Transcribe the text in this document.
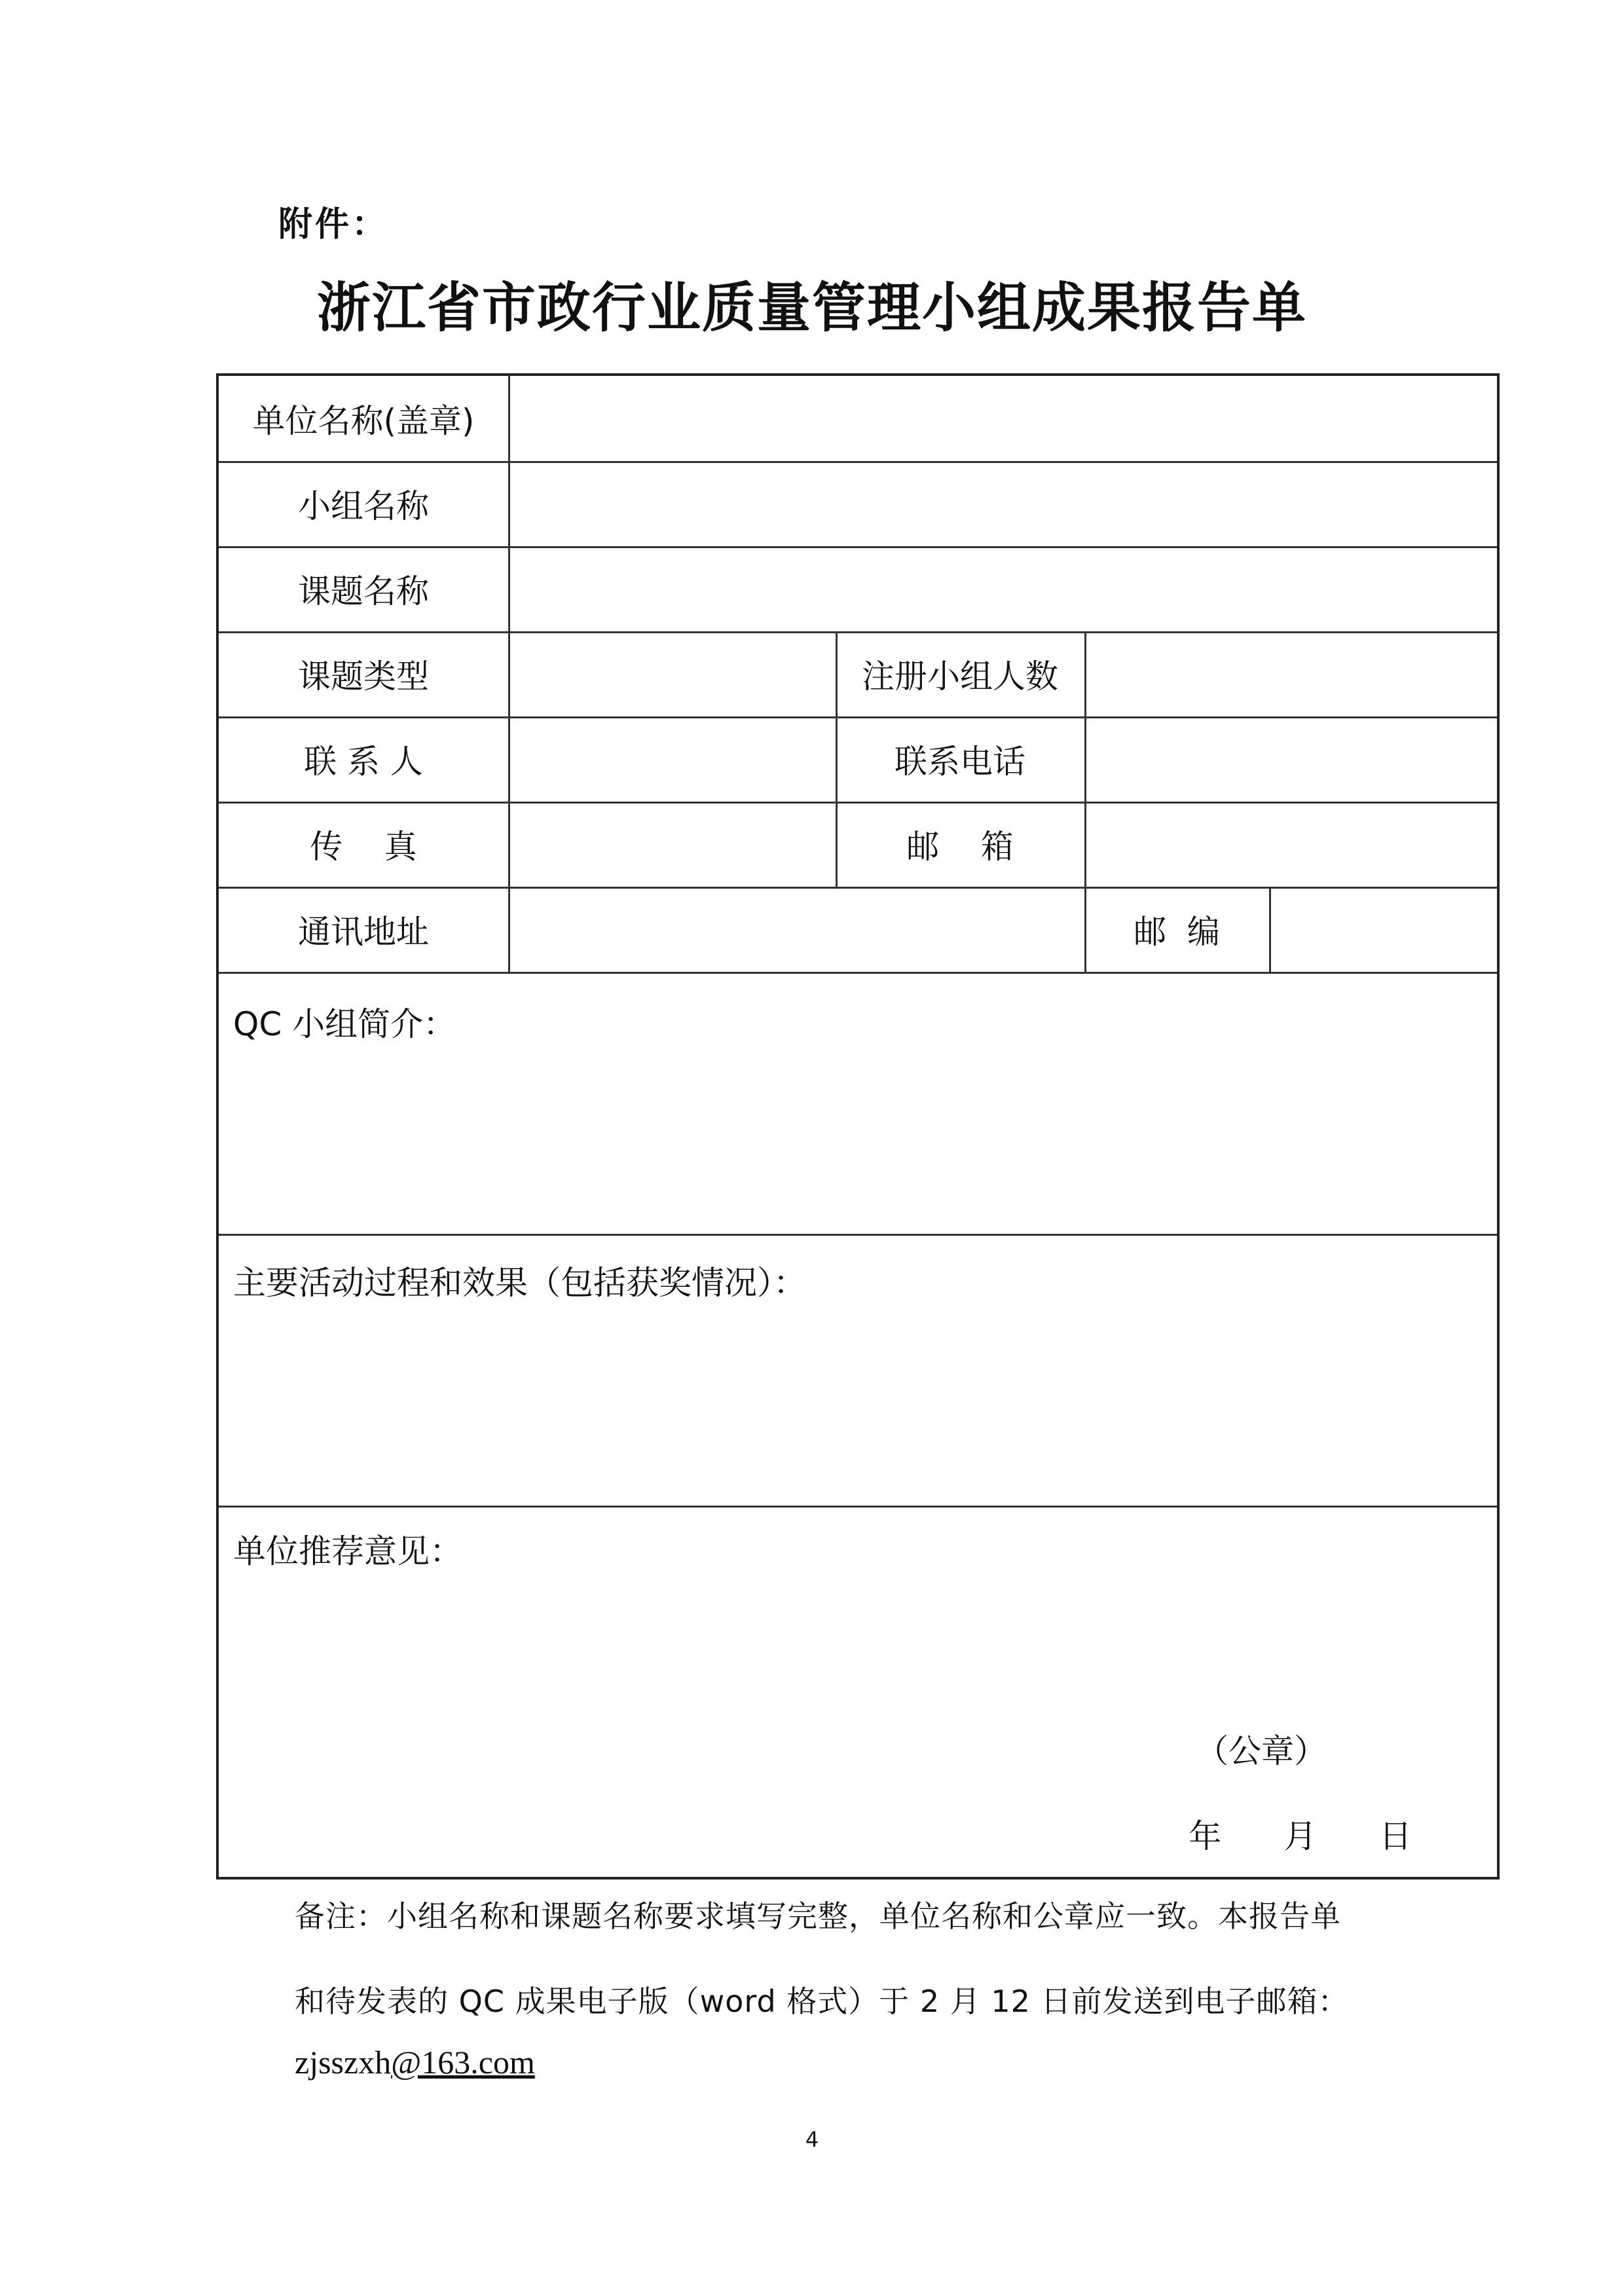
附件：
浙江省市政行业质量管理小组成果报告单
单位名称(盖章)
小组名称
课题名称
课题类型	注册小组人数
联 系 人	联系电话
传    真	邮    箱
通讯地址	邮  编
QC 小组简介：
主要活动过程和效果（包括获奖情况）：
单位推荐意见：
（公章）
年      月      日
备注：小组名称和课题名称要求填写完整，单位名称和公章应一致。本报告单
和待发表的 QC 成果电子版（word 格式）于 2 月 12 日前发送到电子邮箱：
zjsszxh@163.com
4
